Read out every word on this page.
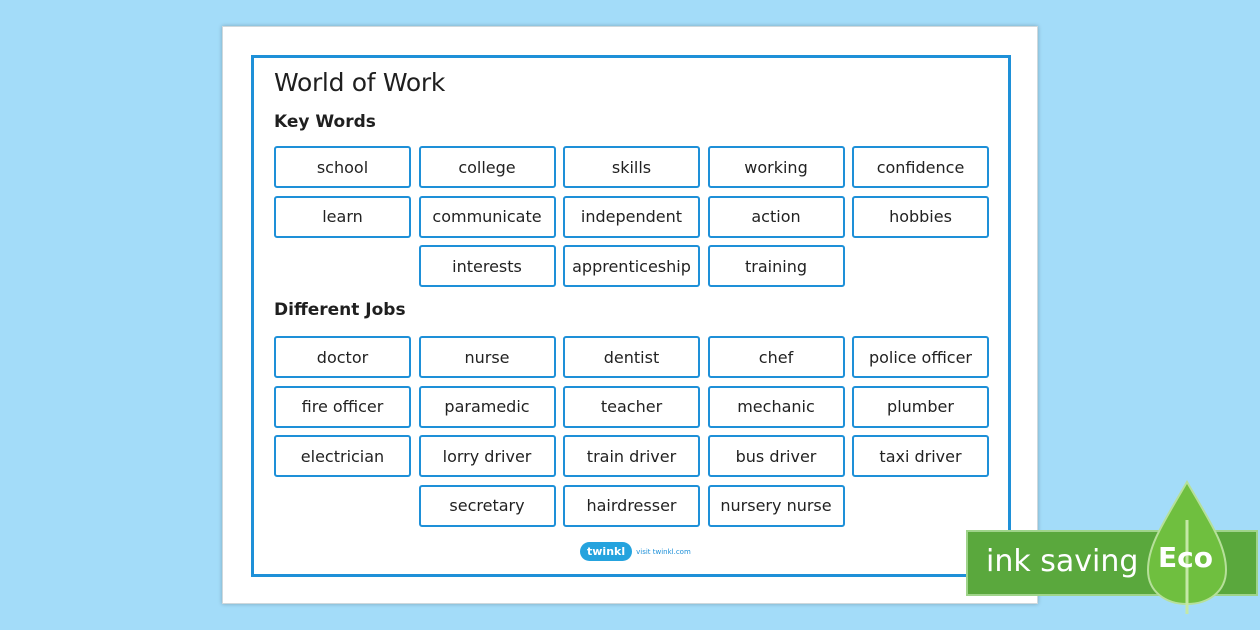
World of Work
Key Words
school	college	skills	working	confidence
learn	communicate	independent	action	hobbies
interests	apprenticeship	training
Different Jobs
doctor	nurse	dentist	chef	police officer
fire officer	paramedic	teacher	mechanic	plumber
electrician	lorry driver	train driver	bus driver	taxi driver
secretary	hairdresser	nursery nurse
twinkl	visit twinkl.com	ink saving Eco
